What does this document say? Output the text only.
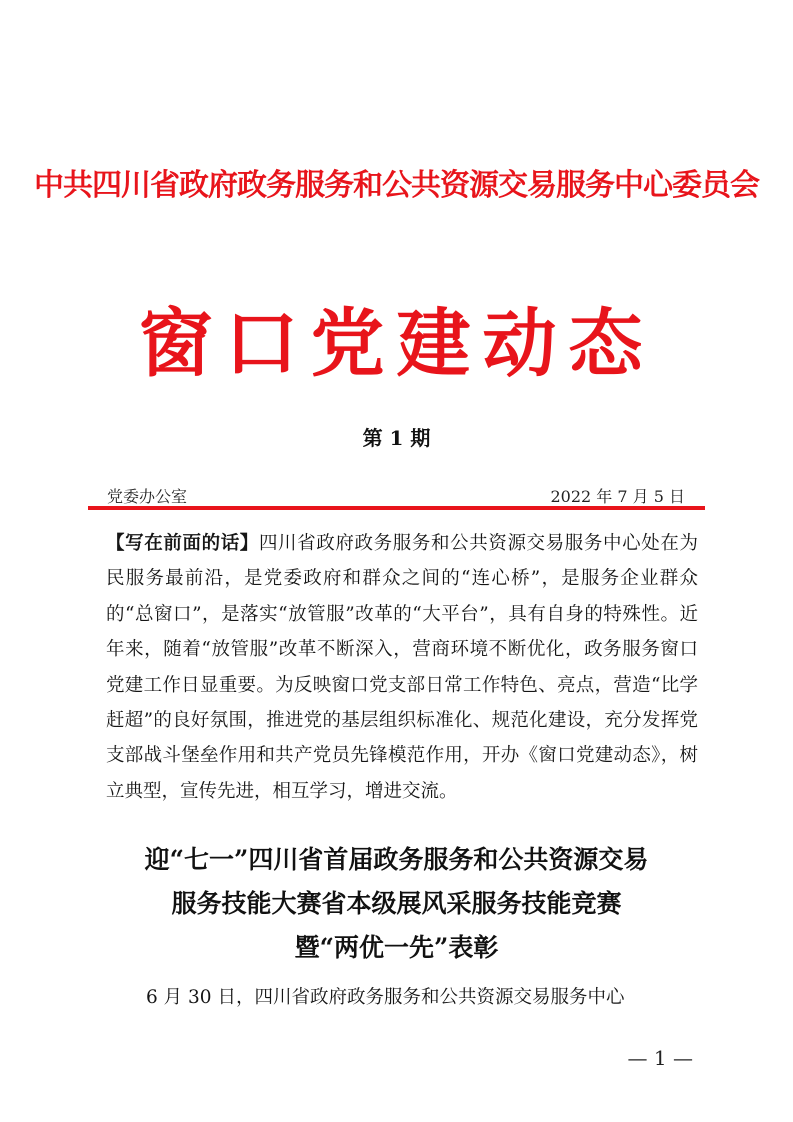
中共四川省政府政务服务和公共资源交易服务中心委员会
窗口党建动态
第 1 期
党委办公室	2022 年 7 月 5 日
【写在前面的话】四川省政府政务服务和公共资源交易服务中心处在为民服务最前沿，是党委政府和群众之间的“连心桥”，是服务企业群众的“总窗口”，是落实“放管服”改革的“大平台”，具有自身的特殊性。近年来，随着“放管服”改革不断深入，营商环境不断优化，政务服务窗口党建工作日显重要。为反映窗口党支部日常工作特色、亮点，营造“比学赶超”的良好氛围，推进党的基层组织标准化、规范化建设，充分发挥党支部战斗堡垒作用和共产党员先锋模范作用，开办《窗口党建动态》，树立典型，宣传先进，相互学习，增进交流。
迎“七一”四川省首届政务服务和公共资源交易
服务技能大赛省本级展风采服务技能竞赛
暨“两优一先”表彰
6 月 30 日，四川省政府政务服务和公共资源交易服务中心
— 1 —
